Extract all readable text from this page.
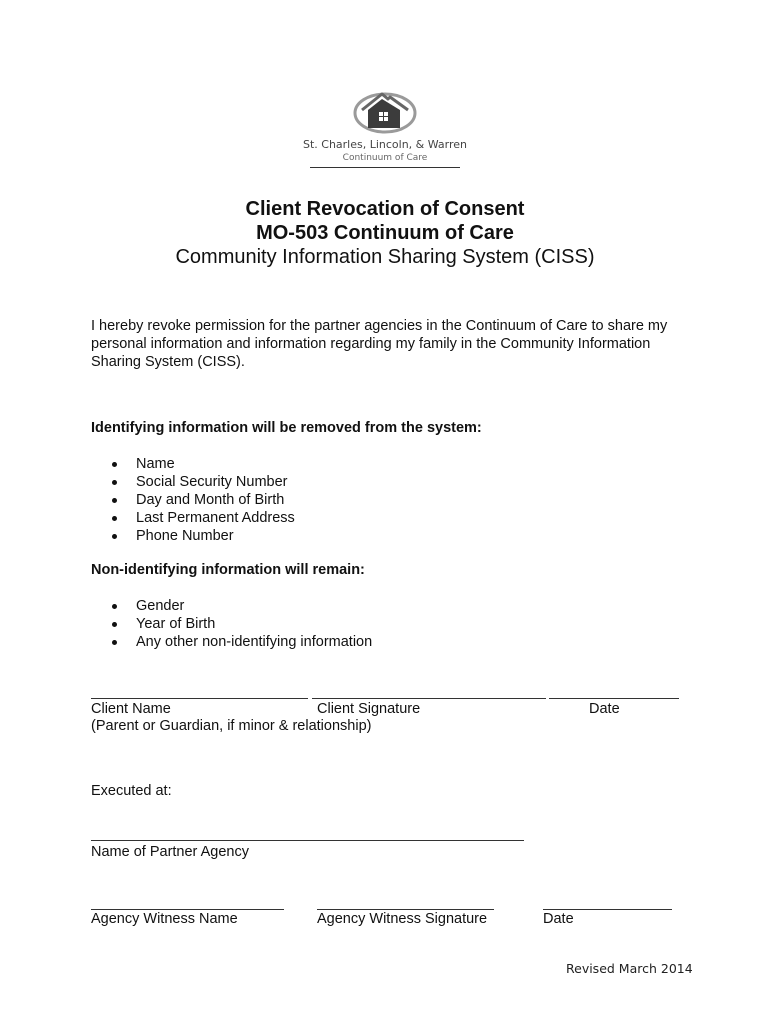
St. Charles, Lincoln, & Warren
Continuum of Care
Client Revocation of Consent
MO-503 Continuum of Care
Community Information Sharing System (CISS)
I hereby revoke permission for the partner agencies in the Continuum of Care to share my personal information and information regarding my family in the Community Information Sharing System (CISS).
Identifying information will be removed from the system:
Name
Social Security Number
Day and Month of Birth
Last Permanent Address
Phone Number
Non-identifying information will remain:
Gender
Year of Birth
Any other non-identifying information
Client Name	Client Signature	Date
(Parent or Guardian, if minor & relationship)
Executed at:
Name of Partner Agency
Agency Witness Name	Agency Witness Signature	Date
Revised March 2014
